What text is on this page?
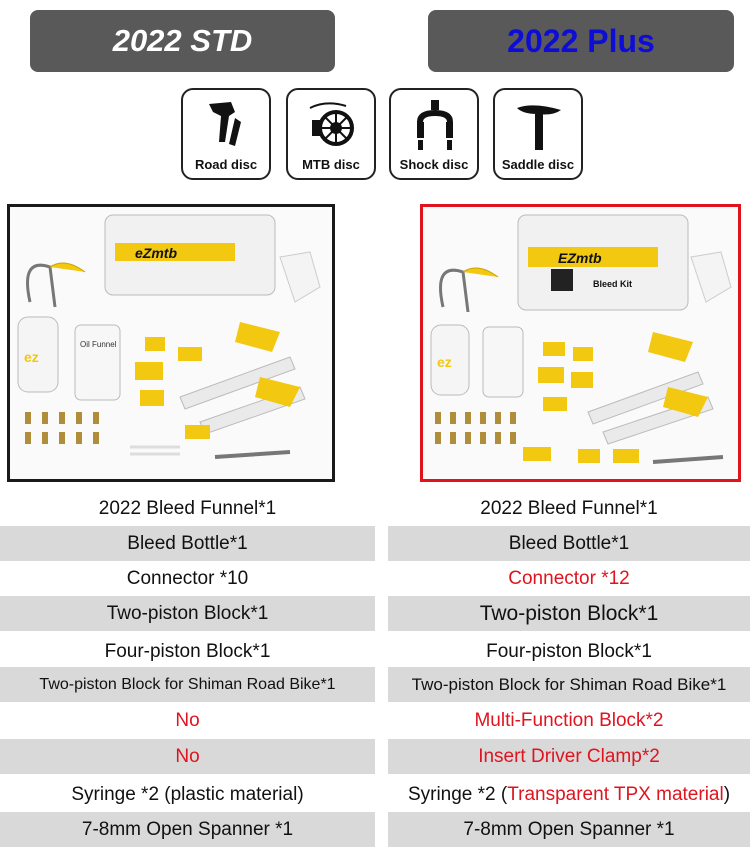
2022 STD	2022 Plus
Road disc	MTB disc	Shock disc	Saddle disc
eZmtb
ez
Oil Funnel
EZmtb
Bleed Kit
ez
2022 Bleed Funnel*1	2022 Bleed Funnel*1
Bleed Bottle*1	Bleed Bottle*1
Connector *10	Connector *12
Two-piston Block*1	Two-piston Block*1
Four-piston Block*1	Four-piston Block*1
Two-piston Block for Shiman Road Bike*1	Two-piston Block for Shiman Road Bike*1
No	Multi-Function Block*2
No	Insert Driver Clamp*2
Syringe *2 (plastic material)	Syringe *2 ( Transparent TPX material )
7-8mm Open Spanner *1	7-8mm Open Spanner *1
